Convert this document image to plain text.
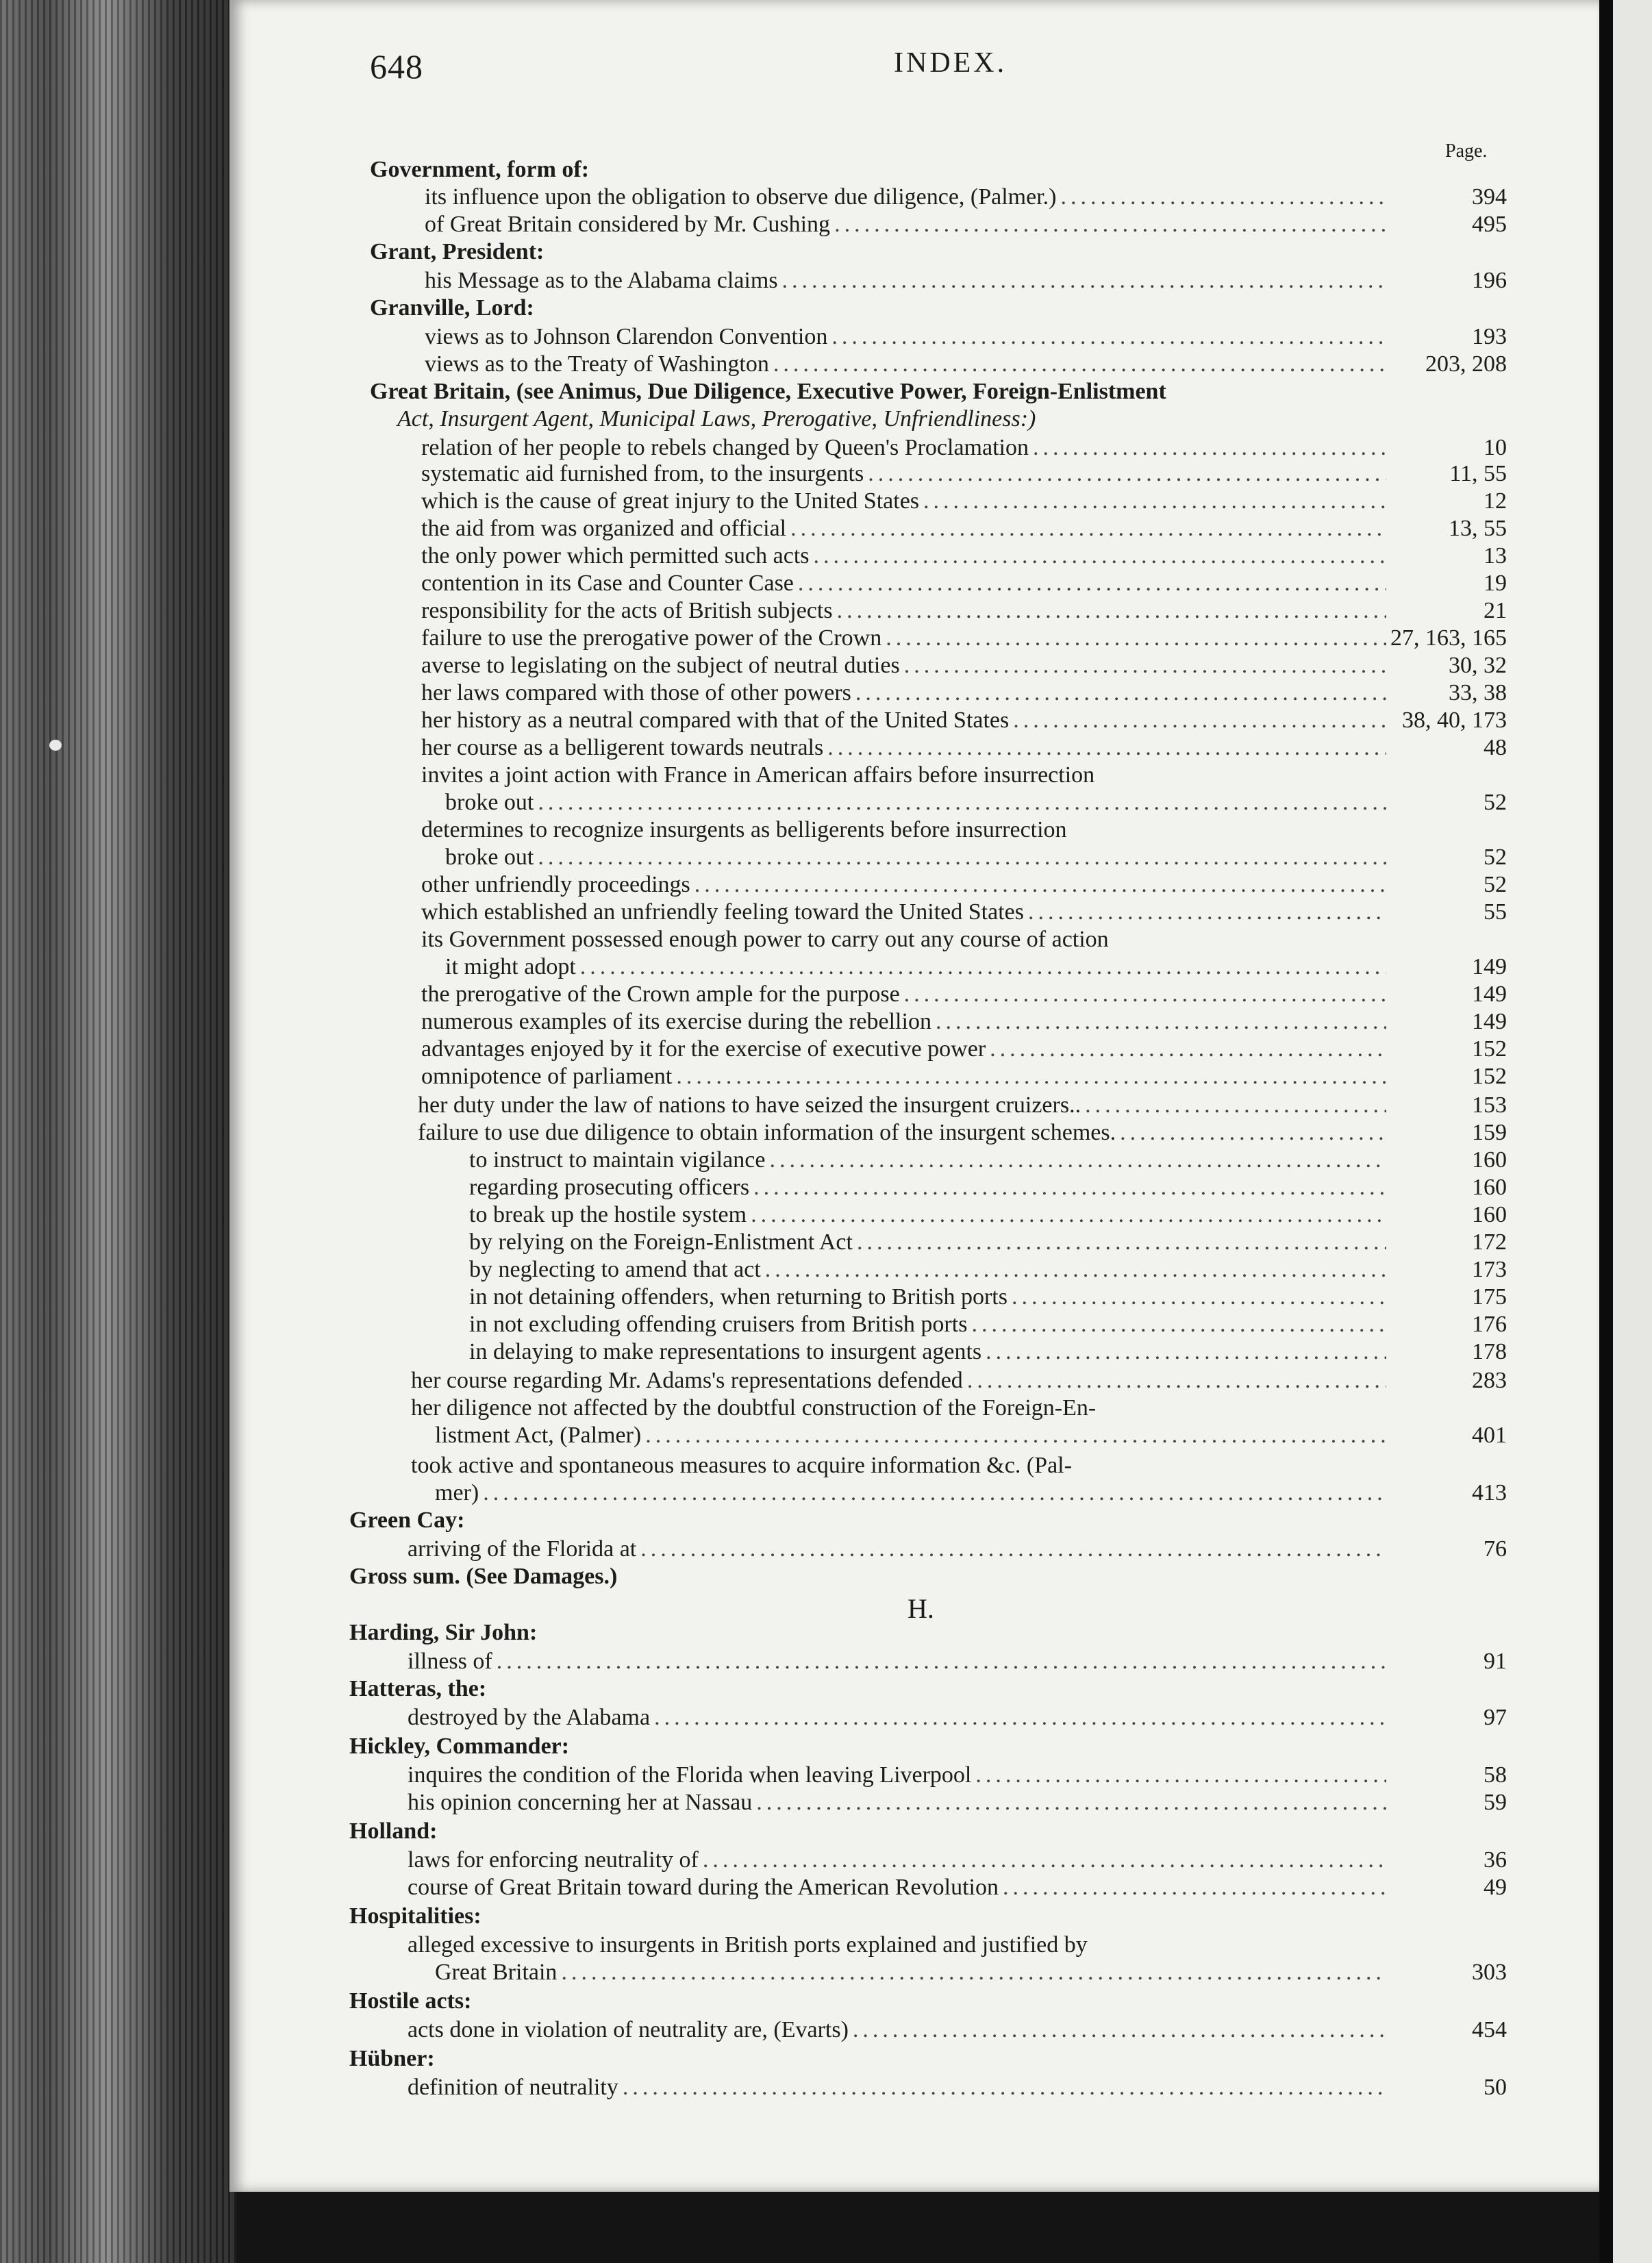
648	INDEX.
Page.
H.
Government, form of:
its influence upon the obligation to observe due diligence, (Palmer.) .....	394
of Great Britain considered by Mr. Cushing .....	495
Grant, President:
his Message as to the Alabama claims .....	196
Granville, Lord:
views as to Johnson Clarendon Convention .....	193
views as to the Treaty of Washington .....	203, 208
Great Britain, (see Animus, Due Diligence, Executive Power, Foreign-Enlistment
Act, Insurgent Agent, Municipal Laws, Prerogative, Unfriendliness:)
relation of her people to rebels changed by Queen's Proclamation .....	10
systematic aid furnished from, to the insurgents .....	11, 55
which is the cause of great injury to the United States .....	12
the aid from was organized and official .....	13, 55
the only power which permitted such acts .....	13
contention in its Case and Counter Case .....	19
responsibility for the acts of British subjects .....	21
failure to use the prerogative power of the Crown .....	27, 163, 165
averse to legislating on the subject of neutral duties .....	30, 32
her laws compared with those of other powers .....	33, 38
her history as a neutral compared with that of the United States .....	38, 40, 173
her course as a belligerent towards neutrals .....	48
invites a joint action with France in American affairs before insurrection
broke out .....	52
determines to recognize insurgents as belligerents before insurrection
broke out .....	52
other unfriendly proceedings .....	52
which established an unfriendly feeling toward the United States .....	55
its Government possessed enough power to carry out any course of action
it might adopt .....	149
the prerogative of the Crown ample for the purpose .....	149
numerous examples of its exercise during the rebellion .....	149
advantages enjoyed by it for the exercise of executive power .....	152
omnipotence of parliament .....	152
her duty under the law of nations to have seized the insurgent cruizers.. .....	153
failure to use due diligence to obtain information of the insurgent schemes. .....	159
to instruct to maintain vigilance .....	160
regarding prosecuting officers .....	160
to break up the hostile system .....	160
by relying on the Foreign-Enlistment Act .....	172
by neglecting to amend that act .....	173
in not detaining offenders, when returning to British ports .....	175
in not excluding offending cruisers from British ports .....	176
in delaying to make representations to insurgent agents .....	178
her course regarding Mr. Adams's representations defended .....	283
her diligence not affected by the doubtful construction of the Foreign-En-
listment Act, (Palmer) .....	401
took active and spontaneous measures to acquire information &c. (Pal-
mer) .....	413
Green Cay:
arriving of the Florida at .....	76
Gross sum. (See Damages.)
Harding, Sir John:
illness of .....	91
Hatteras, the:
destroyed by the Alabama .....	97
Hickley, Commander:
inquires the condition of the Florida when leaving Liverpool .....	58
his opinion concerning her at Nassau .....	59
Holland:
laws for enforcing neutrality of .....	36
course of Great Britain toward during the American Revolution .....	49
Hospitalities:
alleged excessive to insurgents in British ports explained and justified by
Great Britain .....	303
Hostile acts:
acts done in violation of neutrality are, (Evarts) .....	454
Hübner:
definition of neutrality .....	50
